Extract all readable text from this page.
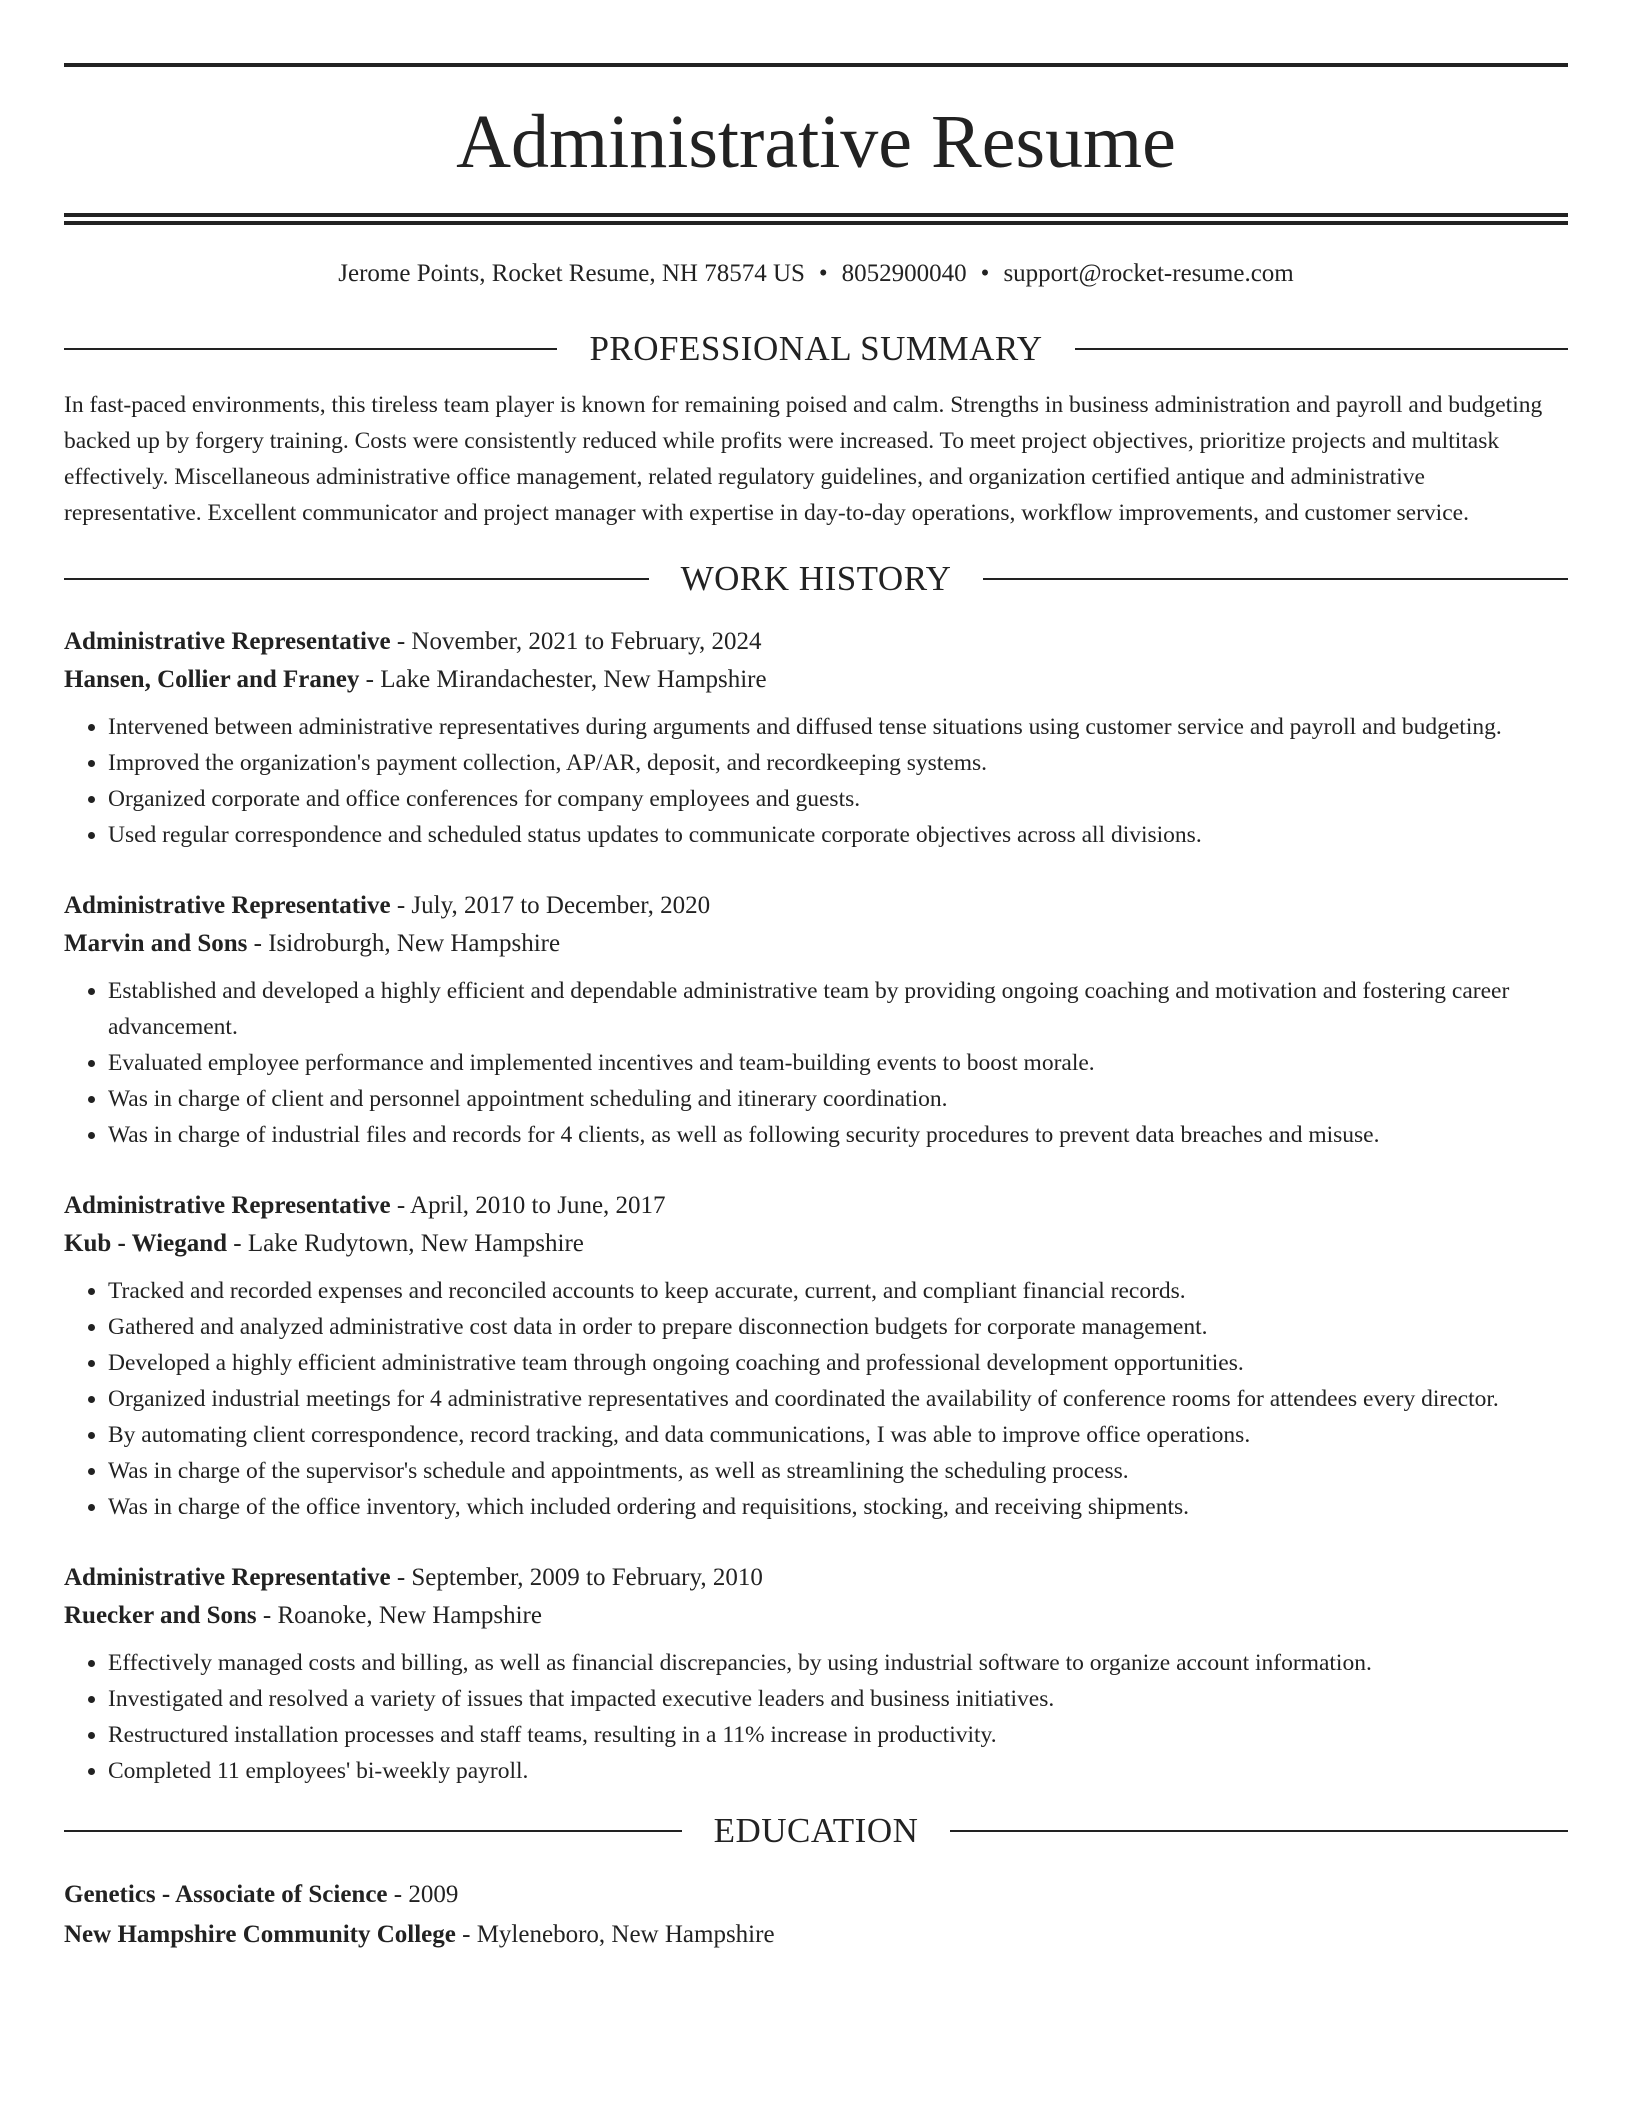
Administrative Resume
Jerome Points, Rocket Resume, NH 78574 US • 8052900040 • support@rocket-resume.com
PROFESSIONAL SUMMARY
In fast-paced environments, this tireless team player is known for remaining poised and calm. Strengths in business administration and payroll and budgeting backed up by forgery training. Costs were consistently reduced while profits were increased. To meet project objectives, prioritize projects and multitask effectively. Miscellaneous administrative office management, related regulatory guidelines, and organization certified antique and administrative representative. Excellent communicator and project manager with expertise in day-to-day operations, workflow improvements, and customer service.
WORK HISTORY
Administrative Representative - November, 2021 to February, 2024
Hansen, Collier and Franey - Lake Mirandachester, New Hampshire
• Intervened between administrative representatives during arguments and diffused tense situations using customer service and payroll and budgeting.
• Improved the organization's payment collection, AP/AR, deposit, and recordkeeping systems.
• Organized corporate and office conferences for company employees and guests.
• Used regular correspondence and scheduled status updates to communicate corporate objectives across all divisions.
Administrative Representative - July, 2017 to December, 2020
Marvin and Sons - Isidroburgh, New Hampshire
• Established and developed a highly efficient and dependable administrative team by providing ongoing coaching and motivation and fostering career advancement.
• Evaluated employee performance and implemented incentives and team-building events to boost morale.
• Was in charge of client and personnel appointment scheduling and itinerary coordination.
• Was in charge of industrial files and records for 4 clients, as well as following security procedures to prevent data breaches and misuse.
Administrative Representative - April, 2010 to June, 2017
Kub - Wiegand - Lake Rudytown, New Hampshire
• Tracked and recorded expenses and reconciled accounts to keep accurate, current, and compliant financial records.
• Gathered and analyzed administrative cost data in order to prepare disconnection budgets for corporate management.
• Developed a highly efficient administrative team through ongoing coaching and professional development opportunities.
• Organized industrial meetings for 4 administrative representatives and coordinated the availability of conference rooms for attendees every director.
• By automating client correspondence, record tracking, and data communications, I was able to improve office operations.
• Was in charge of the supervisor's schedule and appointments, as well as streamlining the scheduling process.
• Was in charge of the office inventory, which included ordering and requisitions, stocking, and receiving shipments.
Administrative Representative - September, 2009 to February, 2010
Ruecker and Sons - Roanoke, New Hampshire
• Effectively managed costs and billing, as well as financial discrepancies, by using industrial software to organize account information.
• Investigated and resolved a variety of issues that impacted executive leaders and business initiatives.
• Restructured installation processes and staff teams, resulting in a 11% increase in productivity.
• Completed 11 employees' bi-weekly payroll.
EDUCATION
Genetics - Associate of Science - 2009
New Hampshire Community College - Myleneboro, New Hampshire
